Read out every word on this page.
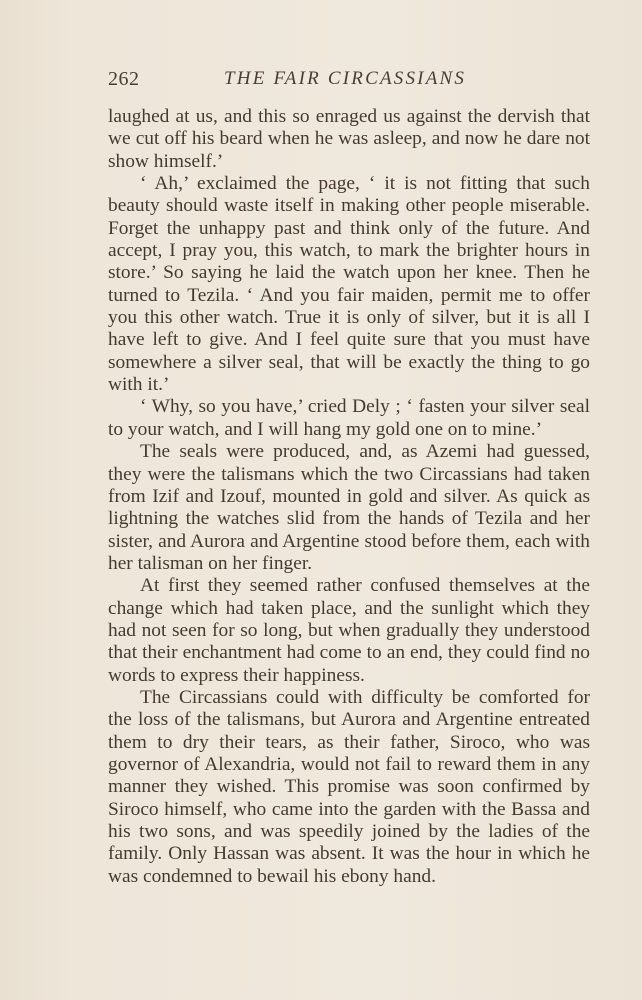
262	THE FAIR CIRCASSIANS

laughed at us, and this so enraged us against the dervish that we cut off his beard when he was asleep, and now he dare not show himself.’

‘ Ah,’ exclaimed the page, ‘ it is not fitting that such beauty should waste itself in making other people miserable. Forget the unhappy past and think only of the future. And accept, I pray you, this watch, to mark the brighter hours in store.’ So saying he laid the watch upon her knee. Then he turned to Tezila. ‘ And you fair maiden, permit me to offer you this other watch. True it is only of silver, but it is all I have left to give. And I feel quite sure that you must have somewhere a silver seal, that will be exactly the thing to go with it.’

‘ Why, so you have,’ cried Dely ; ‘ fasten your silver seal to your watch, and I will hang my gold one on to mine.’

The seals were produced, and, as Azemi had guessed, they were the talismans which the two Circassians had taken from Izif and Izouf, mounted in gold and silver. As quick as lightning the watches slid from the hands of Tezila and her sister, and Aurora and Argentine stood before them, each with her talisman on her finger.

At first they seemed rather confused themselves at the change which had taken place, and the sunlight which they had not seen for so long, but when gradually they understood that their enchantment had come to an end, they could find no words to express their happiness.

The Circassians could with difficulty be comforted for the loss of the talismans, but Aurora and Argentine entreated them to dry their tears, as their father, Siroco, who was governor of Alexandria, would not fail to reward them in any manner they wished. This promise was soon confirmed by Siroco himself, who came into the garden with the Bassa and his two sons, and was speedily joined by the ladies of the family. Only Hassan was absent. It was the hour in which he was condemned to bewail his ebony hand.
